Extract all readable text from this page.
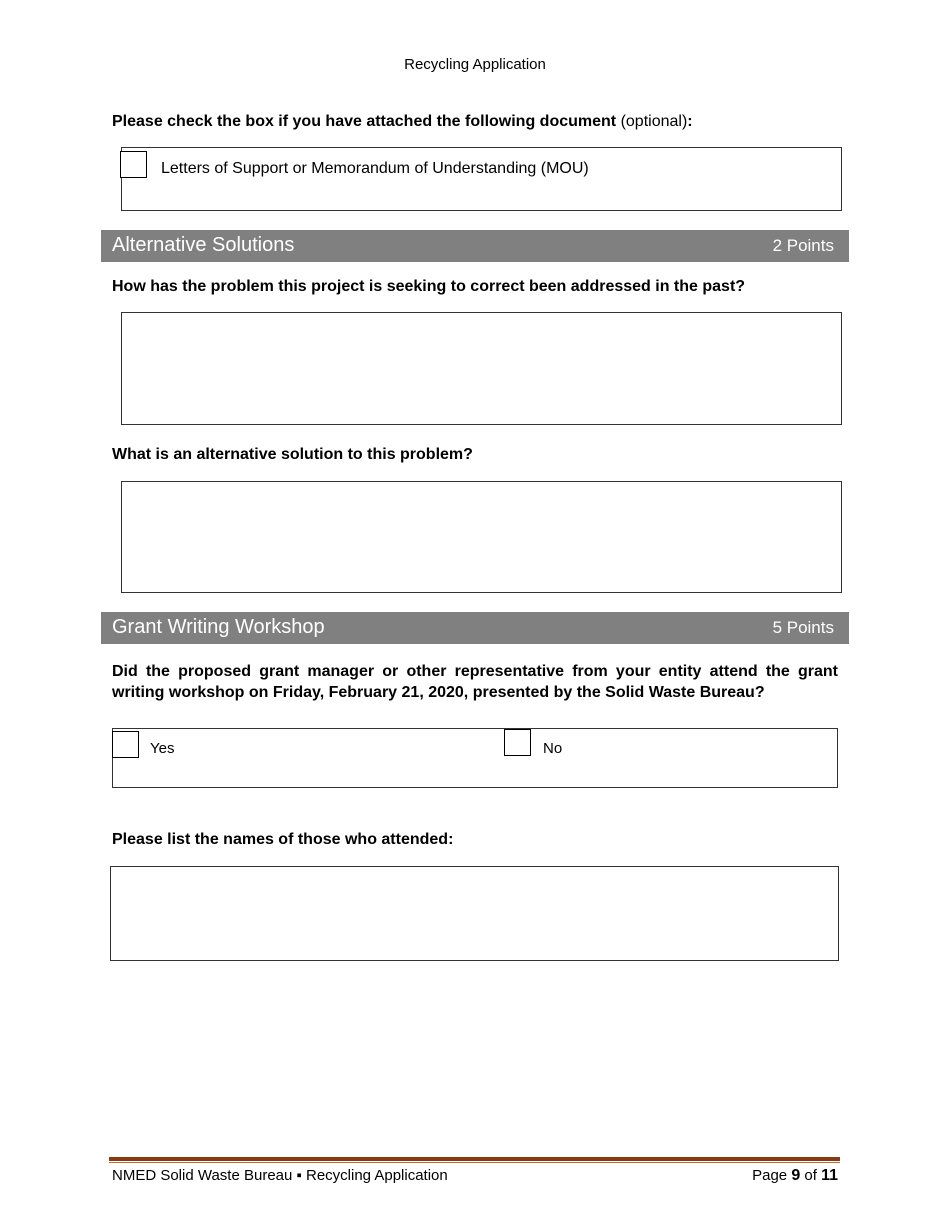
Recycling Application
Please check the box if you have attached the following document (optional):
Letters of Support or Memorandum of Understanding (MOU)
Alternative Solutions	2 Points
How has the problem this project is seeking to correct been addressed in the past?
What is an alternative solution to this problem?
Grant Writing Workshop	5 Points
Did the proposed grant manager or other representative from your entity attend the grant writing workshop on Friday, February 21, 2020, presented by the Solid Waste Bureau?
Yes	No
Please list the names of those who attended:
NMED Solid Waste Bureau ▪ Recycling Application	Page 9 of 11
